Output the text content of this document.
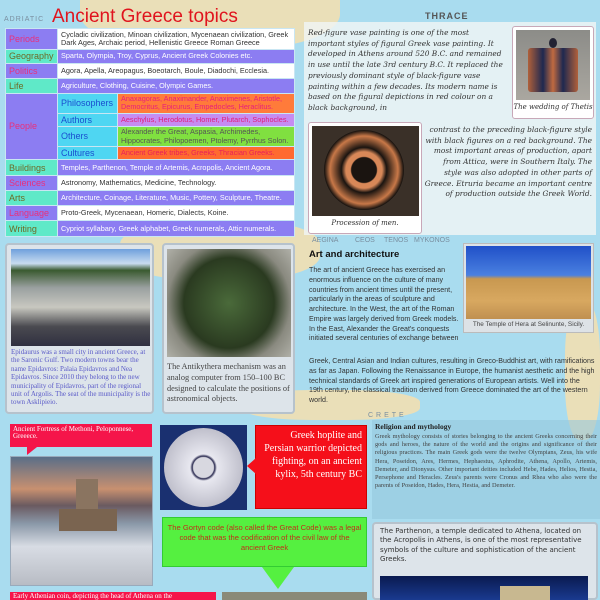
ADRIATIC	THRACE
AEGINA CEOS TENOS MYKONOS
CRETE
Ancient Greece topics
Periods	Cycladic civilization, Minoan civilization, Mycenaean civilization, Greek Dark Ages, Archaic period, Hellenistic Greece Roman Greece	
Geography	Sparta, Olympia, Troy, Cyprus, Ancient Greek Colonies etc.	
Politics	Agora, Apella, Areopagus, Boeotarch, Boule, Diadochi, Ecclesia.	
Life	Agriculture, Clothing, Cuisine, Olympic Games.	
People	Philosophers	Anaxagoras, Anaximander, Anaximenes, Aristotle, Democritus, Epicurus, Empedocles, Heraclitus.
	Authors	Aeschylus, Herodotus, Homer, Plutarch, Sophocles.
	Others	Alexander the Great, Aspasia, Archimedes, Hippocrates, Philopoemen, Ptolemy, Pyrrhus Solon.
	Cultures	Ancient Greek tribes, Greeks, Thracian Greeks.
Buildings	Temples, Parthenon, Temple of Artemis, Acropolis, Ancient Agora.	
Sciences	Astronomy, Mathematics, Medicine, Technology.	
Arts	Architecture, Coinage, Literature, Music, Pottery, Sculpture, Theatre.	
Language	Proto-Greek, Mycenaean, Homeric, Dialects, Koine.	
Writing	Cypriot syllabary, Greek alphabet, Greek numerals, Attic numerals.	
Red-figure vase painting is one of the most important styles of figural Greek vase painting. It developed in Athens around 520 B.C. and remained in use until the late 3rd century B.C. It replaced the previously dominant style of black-figure vase painting within a few decades. Its modern name is based on the figural depictions in red colour on a black background, in
contrast to the preceding black-figure style with black figures on a red background. The most important areas of production, apart from Attica, were in Southern Italy. The style was also adopted in other parts of Greece. Etruria became an important centre of production outside the Greek World.
The wedding of Thetis
Procession of men.
Epidaurus was a small city in ancient Greece, at the Saronic Gulf. Two modern towns bear the name Epidavros: Palaia Epidavros and Nea Epidavros. Since 2010 they belong to the new municipality of Epidavros, part of the regional unit of Argolis. The seat of the municipality is the town Asklipieio.
The Antikythera mechanism was an analog computer from 150–100 BC designed to calculate the positions of astronomical objects.
Art and architecture
The art of ancient Greece has exercised an enormous influence on the culture of many countries from ancient times until the present, particularly in the areas of sculpture and architecture. In the West, the art of the Roman Empire was largely derived from Greek models. In the East, Alexander the Great's conquests initiated several centuries of exchange between
Greek, Central Asian and Indian cultures, resulting in Greco-Buddhist art, with ramifications as far as Japan. Following the Renaissance in Europe, the humanist aesthetic and the high technical standards of Greek art inspired generations of European artists. Well into the 19th century, the classical tradition derived from Greece dominated the art of the western world.
The Temple of Hera at Selinunte, Sicily.
Ancient Fortress of Methoni, Peloponnese, Greeece.	Greek hoplite and Persian warrior depicted fighting, on an ancient kylix, 5th century BC
The Gortyn code (also called the Great Code) was a legal code that was the codification of the civil law of the ancient Greek
Religion and mythology
Greek mythology consists of stories belonging to the ancient Greeks concerning their gods and heroes, the nature of the world and the origins and significance of their religious practices. The main Greek gods were the twelve Olympians, Zeus, his wife Hera, Poseidon, Ares, Hermes, Hephaestus, Aphrodite, Athena, Apollo, Artemis, Demeter, and Dionysus. Other important deities included Hebe, Hades, Helios, Hestia, Persephone and Heracles. Zeus's parents were Cronus and Rhea who also were the parents of Poseidon, Hades, Hera, Hestia, and Demeter.
The Parthenon, a temple dedicated to Athena, located on the Acropolis in Athens, is one of the most representative symbols of the culture and sophistication of the ancient Greeks.
Early Athenian coin, depicting the head of Athena on the
